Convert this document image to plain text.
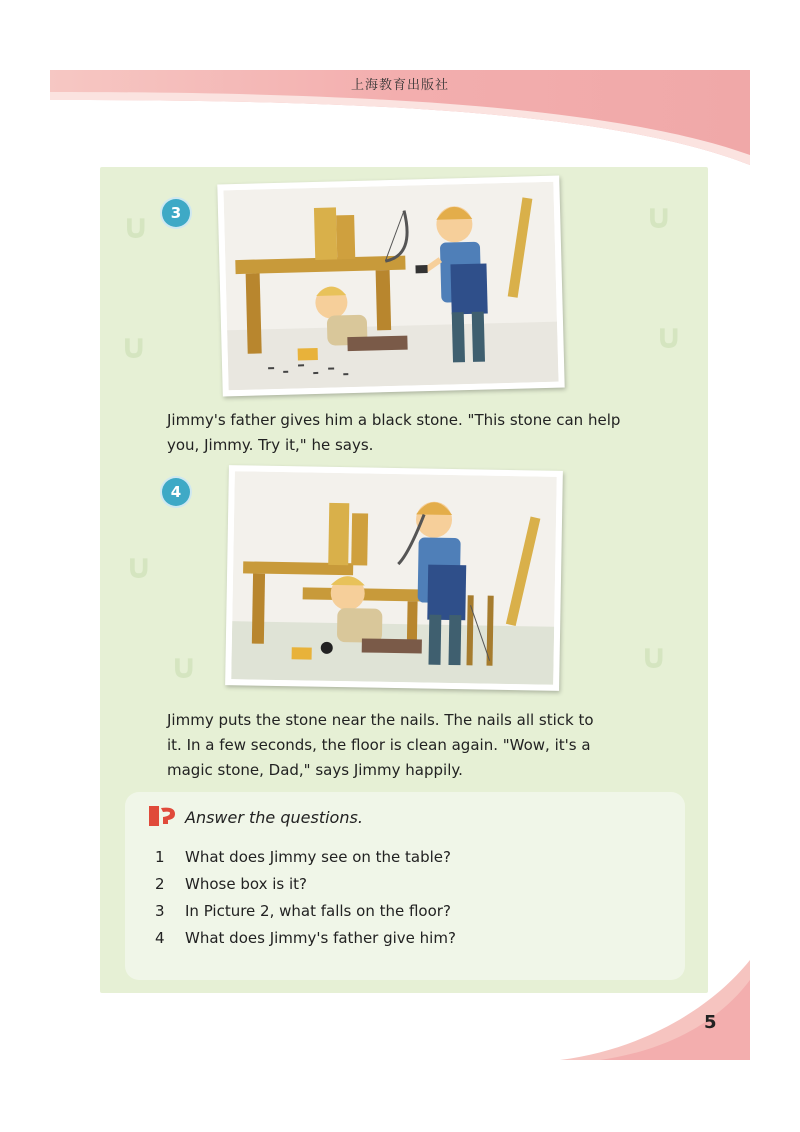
上海教育出版社
∪	∪
∪	∪
∪
∪
∪
3
Jimmy's father gives him a black stone. "This stone can help
you, Jimmy. Try it," he says.
4
Jimmy puts the stone near the nails. The nails all stick to
it. In a few seconds, the floor is clean again. "Wow, it's a
magic stone, Dad," says Jimmy happily.
Answer the questions.
1 What does Jimmy see on the table?
2 Whose box is it?
3 In Picture 2, what falls on the floor?
4 What does Jimmy's father give him?
5
